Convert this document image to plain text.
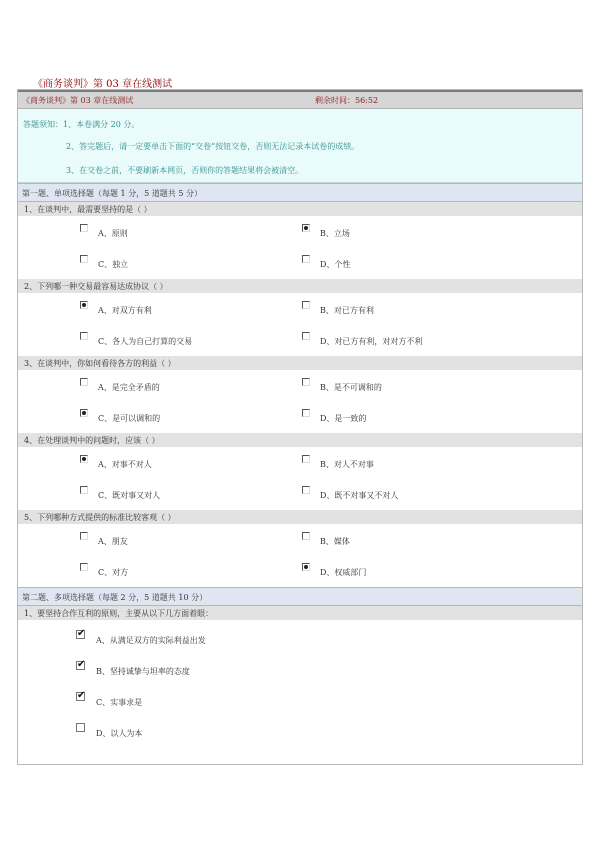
《商务谈判》第 03 章在线测试
《商务谈判》第 03 章在线测试	剩余时间：56:52
答题须知：1、本卷满分 20 分。
2、答完题后，请一定要单击下面的“交卷”按钮交卷，否则无法记录本试卷的成绩。
3、在交卷之前，不要刷新本网页，否则你的答题结果将会被清空。
第一题、单项选择题（每题 1 分，5 道题共 5 分）
1、在谈判中，最需要坚持的是（ ）
A、原则	B、立场
C、独立	D、个性
2、下列哪一种交易最容易达成协议（ ）
A、对双方有利	B、对已方有利
C、各人为自己打算的交易	D、对已方有利，对对方不利
3、在谈判中，你如何看待各方的利益（ ）
A、是完全矛盾的	B、是不可调和的
C、是可以调和的	D、是一致的
4、在处理谈判中的问题时，应该（ ）
A、对事不对人	B、对人不对事
C、既对事又对人	D、既不对事又不对人
5、下列哪种方式提供的标准比较客观（ ）
A、朋友	B、媒体
C、对方	D、权威部门
第二题、多项选择题（每题 2 分，5 道题共 10 分）
1、要坚持合作互利的原则，主要从以下几方面着眼：
✔
A、从满足双方的实际利益出发
✔
B、坚持诚挚与坦率的态度
✔
C、实事求是
D、以人为本
